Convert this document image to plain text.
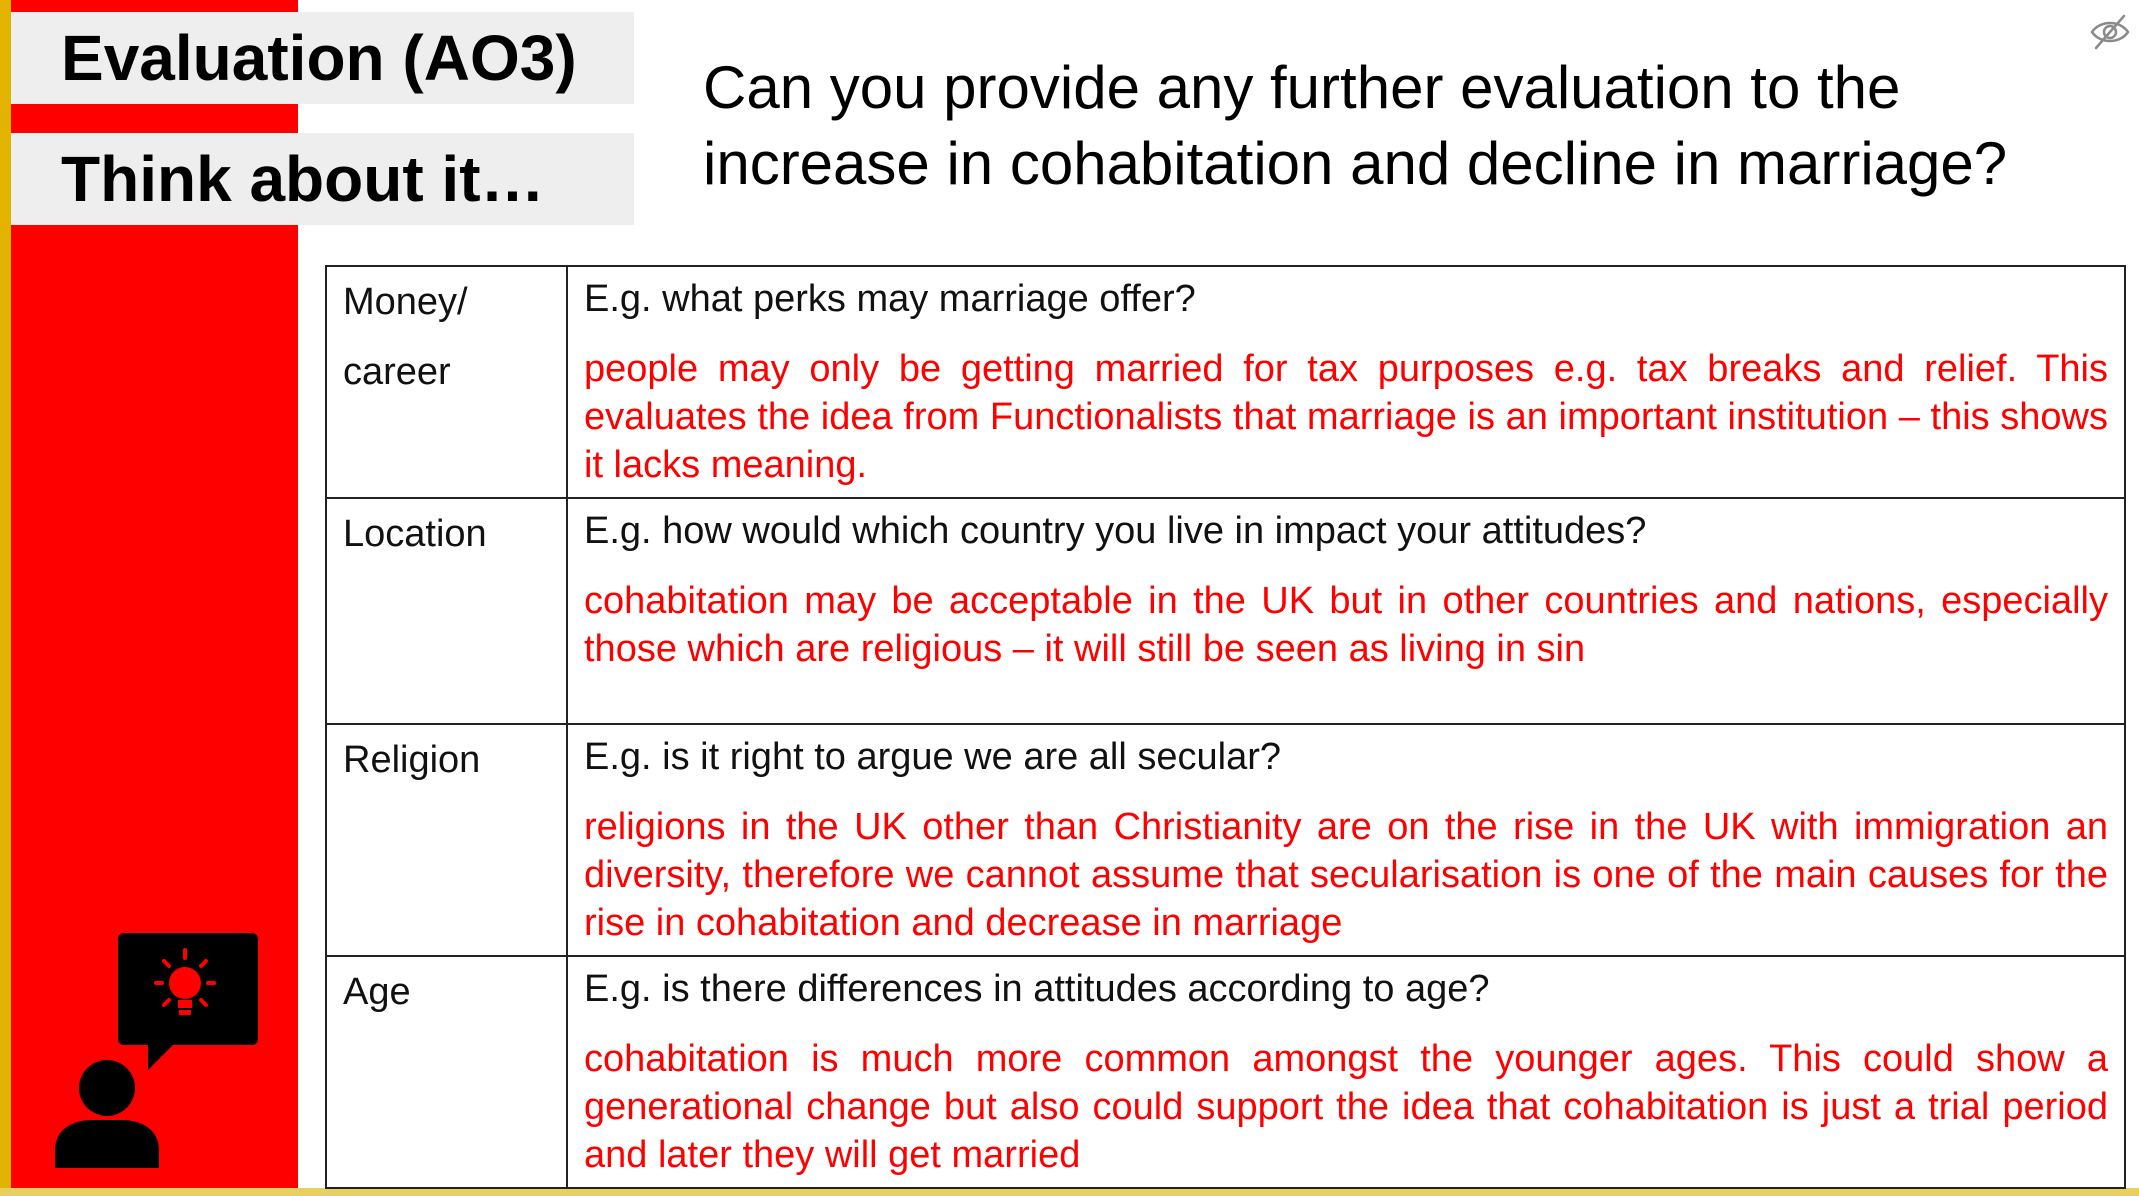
Evaluation (AO3)
Think about it…
Can you provide any further evaluation to the increase in cohabitation and decline in marriage?
Money/ career	E.g. what perks may marriage offer?
people may only be getting married for tax purposes e.g. tax breaks and relief. This evaluates the idea from Functionalists that marriage is an important institution – this shows it lacks meaning.

Location	E.g. how would which country you live in impact your attitudes?
cohabitation may be acceptable in the UK but in other countries and nations, especially those which are religious – it will still be seen as living in sin

Religion	E.g. is it right to argue we are all secular?
religions in the UK other than Christianity are on the rise in the UK with immigration an diversity, therefore we cannot assume that secularisation is one of the main causes for the rise in cohabitation and decrease in marriage

Age	E.g. is there differences in attitudes according to age?
cohabitation is much more common amongst the younger ages. This could show a generational change but also could support the idea that cohabitation is just a trial period and later they will get married
